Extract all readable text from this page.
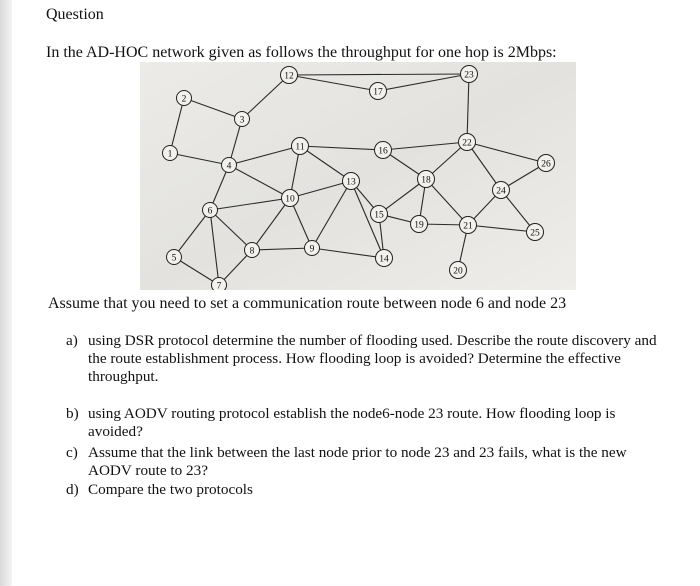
Question
In the AD-HOC network given as follows the throughput for one hop is 2Mbps:
1
2
3
4
5
6
7
8	9
10
11
12
13
14
15
16
17
18
19
20
21
22
23
24
25
26
Assume that you need to set a communication route between node 6 and node 23
a) using DSR protocol determine the number of flooding used. Describe the route discovery and the route establishment process. How flooding loop is avoided? Determine the effective throughput.
b) using AODV routing protocol establish the node6-node 23 route. How flooding loop is avoided?
c) Assume that the link between the last node prior to node 23 and 23 fails, what is the new AODV route to 23?
d) Compare the two protocols
